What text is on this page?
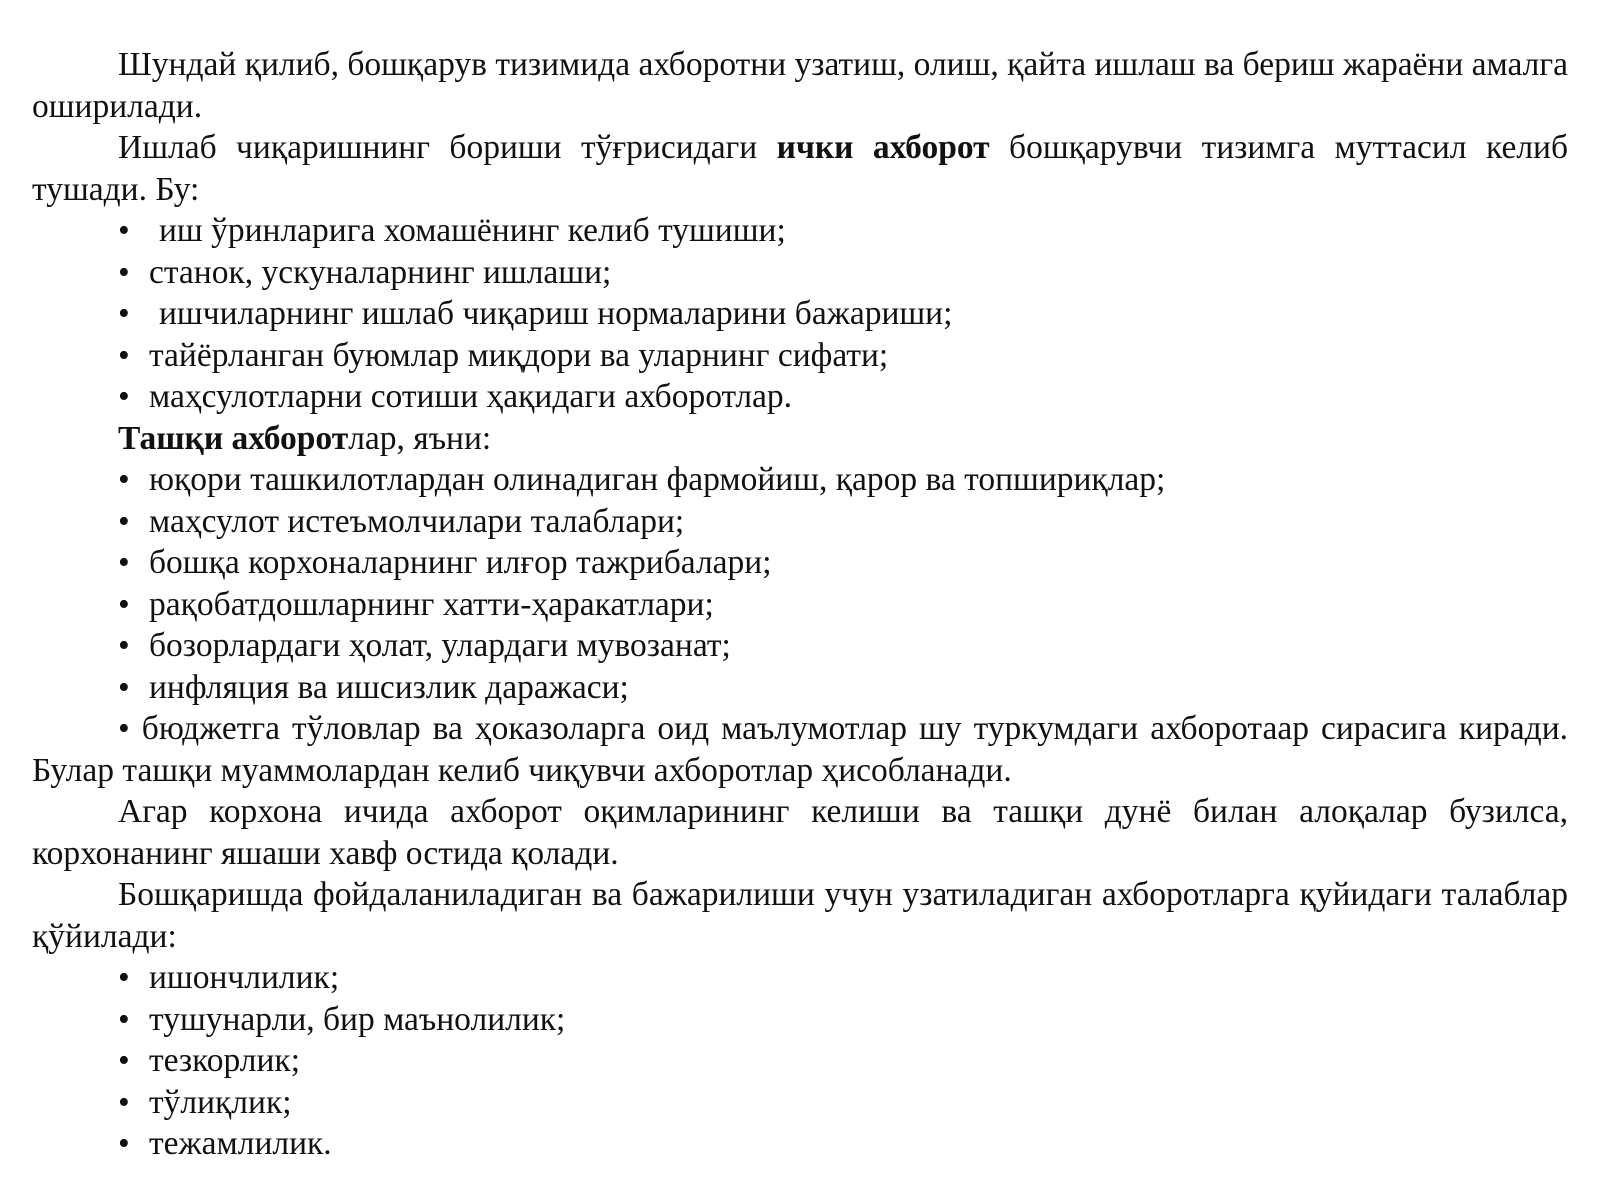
Шундай қилиб, бошқарув тизимида ахборотни узатиш, олиш, қайта ишлаш ва бериш жараёни амалга оширилади.

Ишлаб чиқаришнинг бориши тўғрисидаги ички ахборот бошқарувчи тизимга муттасил келиб тушади. Бу:

• иш ўринларига хомашёнинг келиб тушиши;
• станок, ускуналарнинг ишлаши;
• ишчиларнинг ишлаб чиқариш нормаларини бажариши;
• тайёрланган буюмлар миқдори ва уларнинг сифати;
• маҳсулотларни сотиши ҳақидаги ахборотлар.

Ташқи ахборотлар, яъни:

• юқори ташкилотлардан олинадиган фармойиш, қарор ва топшириқлар;
• маҳсулот истеъмолчилари талаблари;
• бошқа корхоналарнинг илғор тажрибалари;
• рақобатдошларнинг хатти-ҳаракатлари;
• бозорлардаги ҳолат, улардаги мувозанат;
• инфляция ва ишсизлик даражаси;
• бюджетга тўловлар ва ҳоказоларга оид маълумотлар шу туркумдаги ахборотаар сирасига киради. Булар ташқи муаммолардан келиб чиқувчи ахборотлар ҳисобланади.

Агар корхона ичида ахборот оқимларининг келиши ва ташқи дунё билан алоқалар бузилса, корхонанинг яшаши хавф остида қолади.

Бошқаришда фойдаланиладиган ва бажарилиши учун узатиладиган ахборотларга қуйидаги талаблар қўйилади:

• ишончлилик;
• тушунарли, бир маънолилик;
• тезкорлик;
• тўлиқлик;
• тежамлилик.
